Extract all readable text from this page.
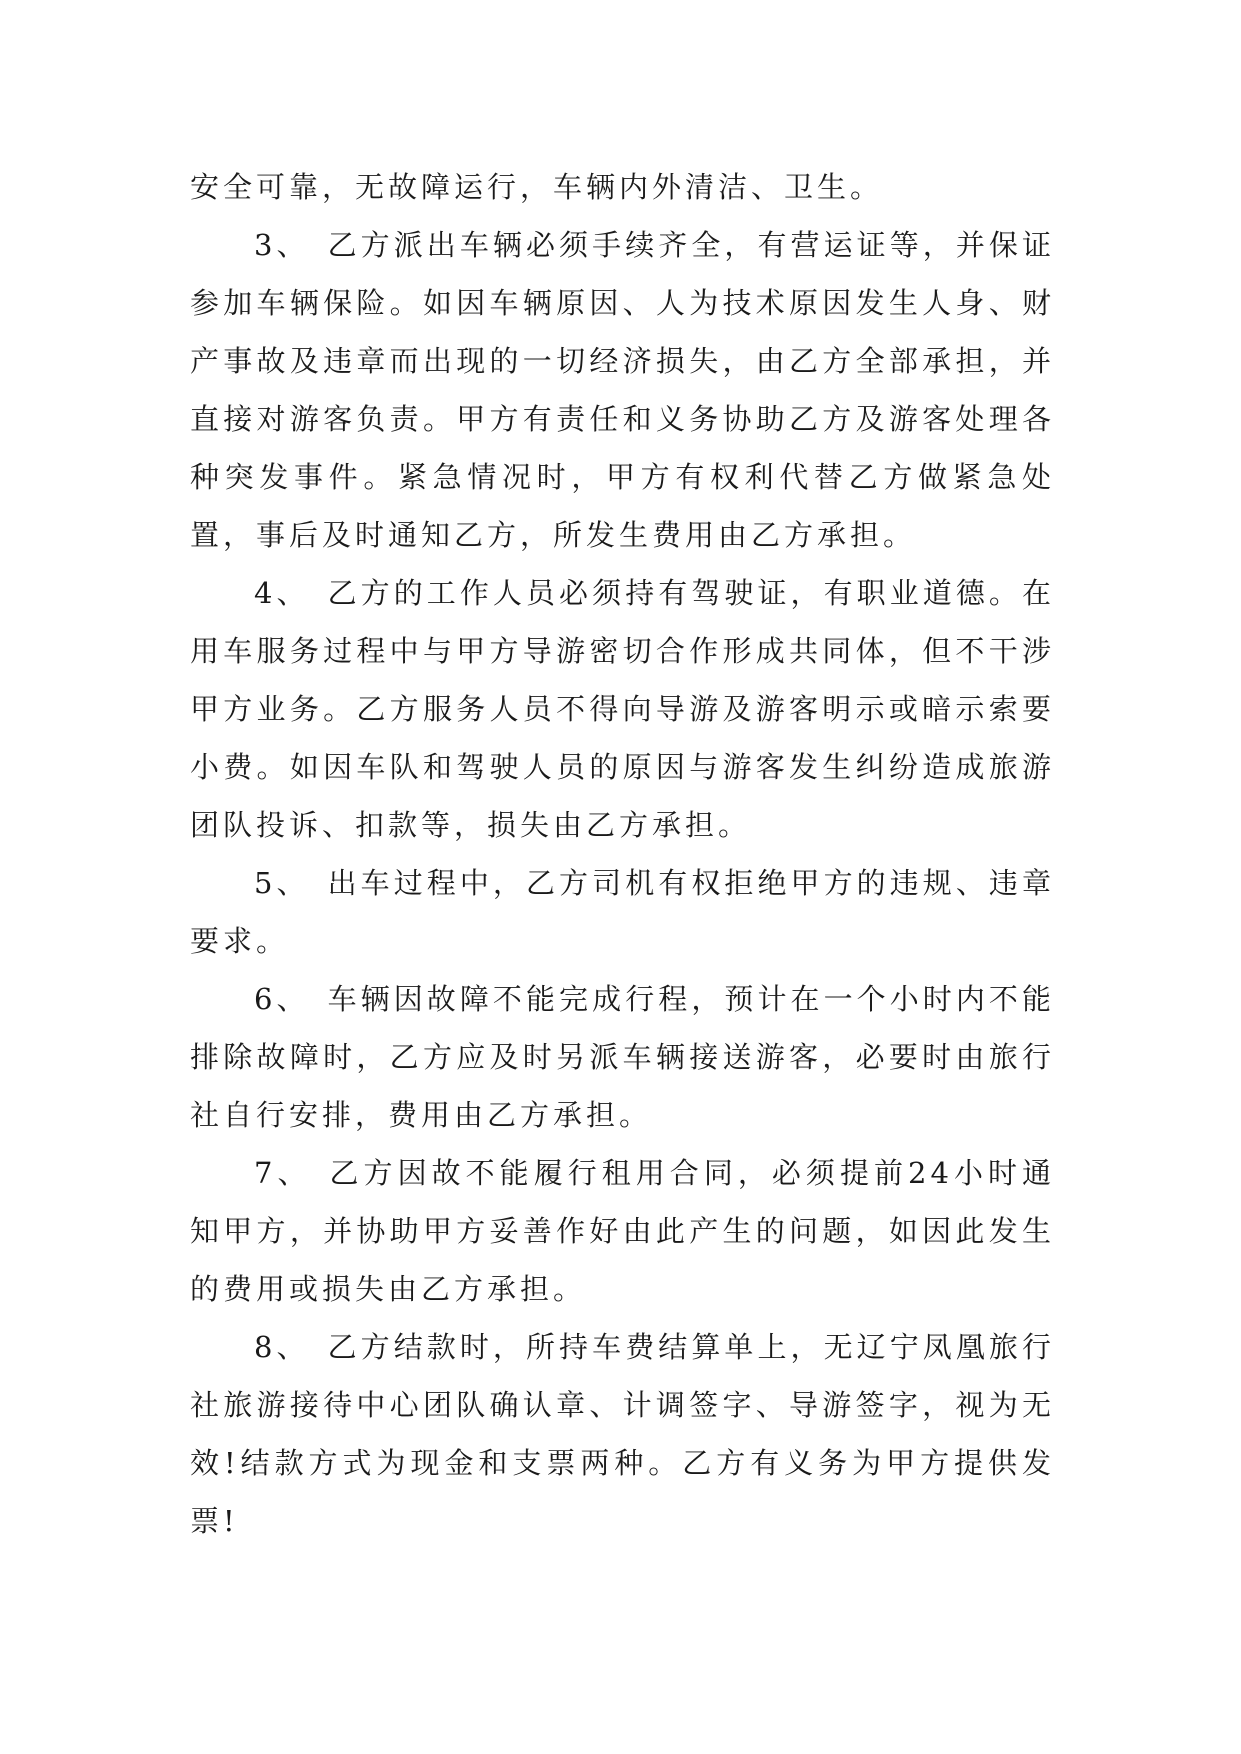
安全可靠，无故障运行，车辆内外清洁、卫生。

3、 乙方派出车辆必须手续齐全，有营运证等，并保证参加车辆保险。如因车辆原因、人为技术原因发生人身、财产事故及违章而出现的一切经济损失，由乙方全部承担，并直接对游客负责。甲方有责任和义务协助乙方及游客处理各种突发事件。紧急情况时，甲方有权利代替乙方做紧急处置，事后及时通知乙方，所发生费用由乙方承担。

4、 乙方的工作人员必须持有驾驶证，有职业道德。在用车服务过程中与甲方导游密切合作形成共同体，但不干涉甲方业务。乙方服务人员不得向导游及游客明示或暗示索要小费。如因车队和驾驶人员的原因与游客发生纠纷造成旅游团队投诉、扣款等，损失由乙方承担。

5、 出车过程中，乙方司机有权拒绝甲方的违规、违章要求。

6、 车辆因故障不能完成行程，预计在一个小时内不能排除故障时，乙方应及时另派车辆接送游客，必要时由旅行社自行安排，费用由乙方承担。

7、 乙方因故不能履行租用合同，必须提前24小时通知甲方，并协助甲方妥善作好由此产生的问题，如因此发生的费用或损失由乙方承担。

8、 乙方结款时，所持车费结算单上，无辽宁凤凰旅行社旅游接待中心团队确认章、计调签字、导游签字，视为无效!结款方式为现金和支票两种。乙方有义务为甲方提供发票!
